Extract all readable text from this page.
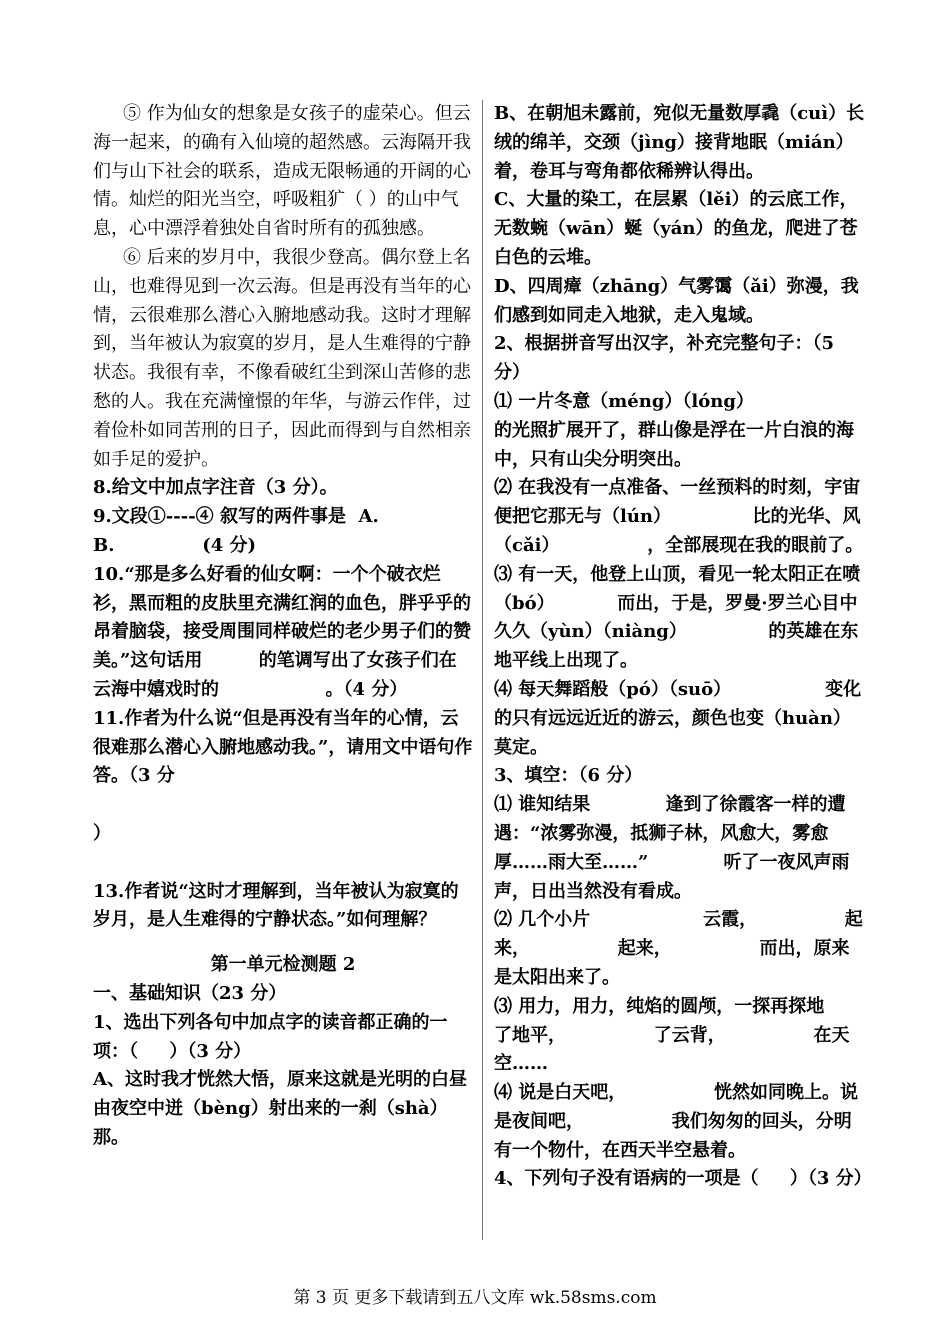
⑤ 作为仙女的想象是女孩子的虚荣心。但云海一起来，的确有入仙境的超然感。云海隔开我们与山下社会的联系，造成无限畅通的开阔的心情。灿烂的阳光当空，呼吸粗犷（ ）的山中气息，心中漂浮着独处自省时所有的孤独感。
⑥ 后来的岁月中，我很少登高。偶尔登上名山，也难得见到一次云海。但是再没有当年的心情，云很难那么潜心入腑地感动我。这时才理解到，当年被认为寂寞的岁月，是人生难得的宁静状态。我很有幸，不像看破红尘到深山苦修的悲愁的人。我在充满憧憬的年华，与游云作伴，过着俭朴如同苦刑的日子，因此而得到与自然相亲如手足的爱护。
8.给文中加点字注音（3 分）。
9.文段①----④ 叙写的两件事是  A.
B.              (4 分)
10.“那是多么好看的仙女啊：一个个破衣烂衫，黑而粗的皮肤里充满红润的血色，胖乎乎的昂着脑袋，接受周围同样破烂的老少男子们的赞美。”这句话用         的笔调写出了女孩子们在云海中嬉戏时的                 。（4 分）
11.作者为什么说“但是再没有当年的心情，云很难那么潜心入腑地感动我。”，请用文中语句作答。（3 分
）
13.作者说“这时才理解到，当年被认为寂寞的岁月，是人生难得的宁静状态。”如何理解？
第一单元检测题 2
一、基础知识（23 分）
1、选出下列各句中加点字的读音都正确的一项：（     ）（3 分）
A、这时我才恍然大悟，原来这就是光明的白昼由夜空中迸（bèng）射出来的一刹（shà）那。
B、在朝旭未露前，宛似无量数厚毳（cuì）长绒的绵羊，交颈（jìng）接背地眠（mián）着，卷耳与弯角都依稀辨认得出。
C、大量的染工，在层累（lěi）的云底工作，无数蜿（wān）蜒（yán）的鱼龙，爬进了苍白色的云堆。
D、四周瘴（zhāng）气雾霭（ǎi）弥漫，我们感到如同走入地狱，走入鬼域。
2、根据拼音写出汉字，补充完整句子：（5 分）
⑴ 一片冬意（méng）（lóng）                 的光照扩展开了，群山像是浮在一片白浪的海中，只有山尖分明突出。
⑵ 在我没有一点准备、一丝预料的时刻，宇宙便把它那无与（lún）             比的光华、风（cǎi）              ，全部展现在我的眼前了。
⑶ 有一天，他登上山顶，看见一轮太阳正在喷（bó）          而出，于是，罗曼·罗兰心目中久久（yùn）（niàng）             的英雄在东地平线上出现了。
⑷ 每天舞蹈般（pó）（suō）               变化的只有远远近近的游云，颜色也变（huàn）          莫定。
3、填空：（6 分）
⑴ 谁知结果            逢到了徐霞客一样的遭遇：“浓雾弥漫，抵狮子林，风愈大，雾愈厚……雨大至……”            听了一夜风声雨声，日出当然没有看成。
⑵ 几个小片                  云霞，              起来，              起来，              而出，原来是太阳出来了。
⑶ 用力，用力，纯焰的圆颅，一探再探地            了地平，              了云背，              在天空……
⑷ 说是白天吧，              恍然如同晚上。说是夜间吧，              我们匆匆的回头，分明有一个物什，在西天半空悬着。
4、下列句子没有语病的一项是（     ）（3 分）
第 3 页 更多下载请到五八文库 wk.58sms.com
